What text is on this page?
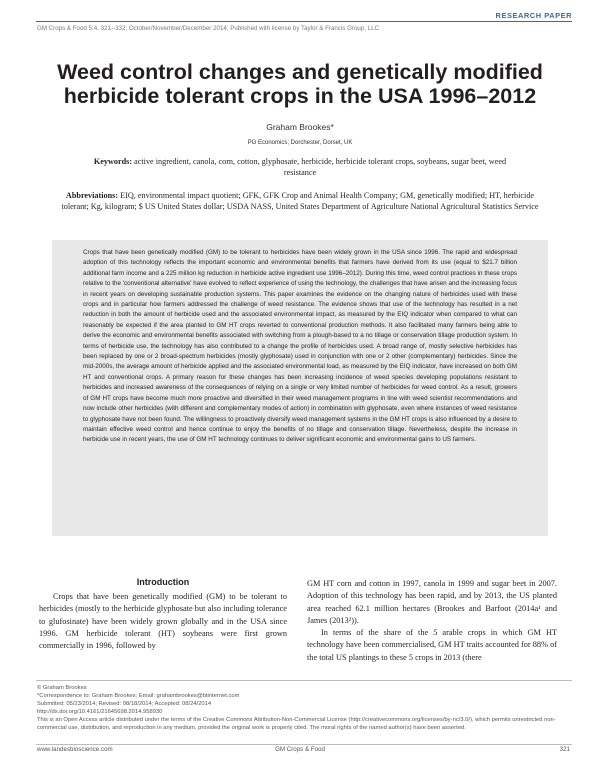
RESEARCH PAPER
GM Crops & Food 5:4, 321--332; October/November/December 2014; Published with license by Taylor & Francis Group, LLC
Weed control changes and genetically modified herbicide tolerant crops in the USA 1996–2012
Graham Brookes*
PG Economics; Dorchester, Dorset, UK
Keywords: active ingredient, canola, corn, cotton, glyphosate, herbicide, herbicide tolerant crops, soybeans, sugar beet, weed resistance
Abbreviations: EIQ, environmental impact quotient; GFK, GFK Crop and Animal Health Company; GM, genetically modified; HT, herbicide tolerant; Kg, kilogram; $ US United States dollar; USDA NASS, United States Department of Agriculture National Agricultural Statistics Service
Crops that have been genetically modified (GM) to be tolerant to herbicides have been widely grown in the USA since 1996. The rapid and widespread adoption of this technology reflects the important economic and environmental benefits that farmers have derived from its use (equal to $21.7 billion additional farm income and a 225 million kg reduction in herbicide active ingredient use 1996–2012). During this time, weed control practices in these crops relative to the 'conventional alternative' have evolved to reflect experience of using the technology, the challenges that have arisen and the increasing focus in recent years on developing sustainable production systems. This paper examines the evidence on the changing nature of herbicides used with these crops and in particular how farmers addressed the challenge of weed resistance. The evidence shows that use of the technology has resulted in a net reduction in both the amount of herbicide used and the associated environmental impact, as measured by the EIQ indicator when compared to what can reasonably be expected if the area planted to GM HT crops reverted to conventional production methods. It also facilitated many farmers being able to derive the economic and environmental benefits associated with switching from a plough-based to a no tillage or conservation tillage production system. In terms of herbicide use, the technology has also contributed to a change the profile of herbicides used. A broad range of, mostly selective herbicides has been replaced by one or 2 broad-spectrum herbicides (mostly glyphosate) used in conjunction with one or 2 other (complementary) herbicides. Since the mid-2000s, the average amount of herbicide applied and the associated environmental load, as measured by the EIQ indicator, have increased on both GM HT and conventional crops. A primary reason for these changes has been increasing incidence of weed species developing populations resistant to herbicides and increased awareness of the consequences of relying on a single or very limited number of herbicides for weed control. As a result, growers of GM HT crops have become much more proactive and diversified in their weed management programs in line with weed scientist recommendations and now include other herbicides (with different and complementary modes of action) in combination with glyphosate, even where instances of weed resistance to glyphosate have not been found. The willingness to proactively diversify weed management systems in the GM HT crops is also influenced by a desire to maintain effective weed control and hence continue to enjoy the benefits of no tillage and conservation tillage. Nevertheless, despite the increase in herbicide use in recent years, the use of GM HT technology continues to deliver significant economic and environmental gains to US farmers.
Introduction

Crops that have been genetically modified (GM) to be tolerant to herbicides (mostly to the herbicide glyphosate but also including tolerance to glufosinate) have been widely grown globally and in the USA since 1996. GM herbicide tolerant (HT) soybeans were first grown commercially in 1996, followed by

GM HT corn and cotton in 1997, canola in 1999 and sugar beet in 2007. Adoption of this technology has been rapid, and by 2013, the US planted area reached 62.1 million hectares (Brookes and Barfoot (2014a¹ and James (2013²)).

In terms of the share of the 5 arable crops in which GM HT technology have been commercialised, GM HT traits accounted for 88% of the total US plantings to these 5 crops in 2013 (there

© Graham Brookes
*Correspondence to: Graham Brookes; Email: grahambrookes@btinternet.com
Submitted: 05/23/2014; Revised: 08/18/2014; Accepted: 08/24/2014
http://dx.doi.org/10.4161/21645698.2014.958930
This is an Open Access article distributed under the terms of the Creative Commons Attribution-Non-Commercial License (http://creativecommons.org/licenses/by-nc/3.0/), which permits unrestricted non-commercial use, distribution, and reproduction in any medium, provided the original work is properly cited. The moral rights of the named author(s) have been asserted.
www.landesbioscience.com	GM Crops & Food	321
